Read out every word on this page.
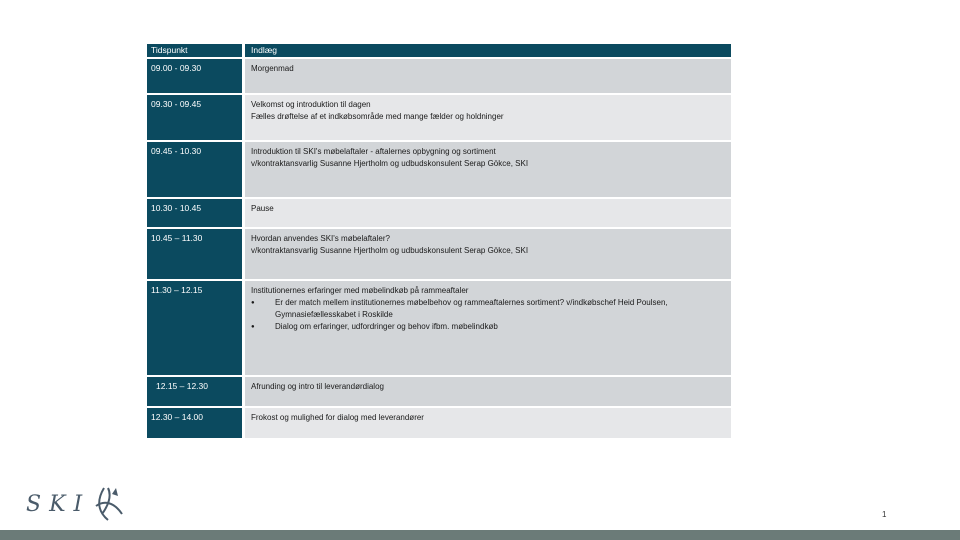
Tidspunkt	Indlæg
09.00 - 09.30	Morgenmad
09.30 - 09.45	Velkomst og introduktion til dagen
Fælles drøftelse af et indkøbsområde med mange fælder og holdninger
09.45 - 10.30	Introduktion til SKI's møbelaftaler - aftalernes opbygning og sortiment
v/kontraktansvarlig Susanne Hjertholm og udbudskonsulent Serap Gökce, SKI
10.30 - 10.45	Pause
10.45 – 11.30	Hvordan anvendes SKI's møbelaftaler?
v/kontraktansvarlig Susanne Hjertholm og udbudskonsulent Serap Gökce, SKI
11.30 – 12.15	Institutionernes erfaringer med møbelindkøb på rammeaftaler
● Er der match mellem institutionernes møbelbehov og rammeaftalernes sortiment? v/indkøbschef Heid Poulsen, Gymnasiefællesskabet i Roskilde
● Dialog om erfaringer, udfordringer og behov ifbm. møbelindkøb
12.15 – 12.30	Afrunding og intro til leverandørdialog
12.30 – 14.00	Frokost og mulighed for dialog med leverandører
SKI	1
